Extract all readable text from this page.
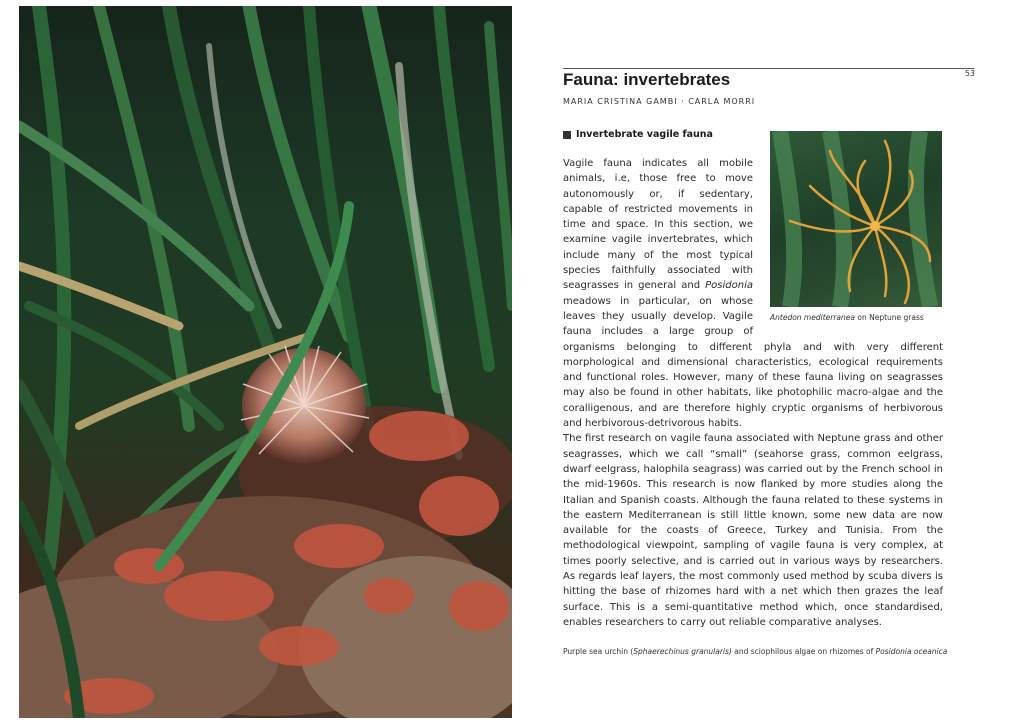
53
Fauna: invertebrates
MARIA CRISTINA GAMBI · CARLA MORRI
Invertebrate vagile fauna
Antedon mediterranea on Neptune grass

Vagile fauna indicates all mobile animals, i.e, those free to move autonomously or, if sedentary, capable of restricted movements in time and space. In this section, we examine vagile invertebrates, which include many of the most typical species faithfully associated with seagrasses in general and Posidonia meadows in particular, on whose leaves they usually develop. Vagile fauna includes a large group of organisms belonging to different phyla and with very different morphological and dimensional characteristics, ecological requirements and functional roles. However, many of these fauna living on seagrasses may also be found in other habitats, like photophilic macro-algae and the coralligenous, and are therefore highly cryptic organisms of herbivorous and herbivorous-detrivorous habits.

The first research on vagile fauna associated with Neptune grass and other seagrasses, which we call “small” (seahorse grass, common eelgrass, dwarf eelgrass, halophila seagrass) was carried out by the French school in the mid-1960s. This research is now flanked by more studies along the Italian and Spanish coasts. Although the fauna related to these systems in the eastern Mediterranean is still little known, some new data are now available for the coasts of Greece, Turkey and Tunisia. From the methodological viewpoint, sampling of vagile fauna is very complex, at times poorly selective, and is carried out in various ways by researchers. As regards leaf layers, the most commonly used method by scuba divers is hitting the base of rhizomes hard with a net which then grazes the leaf surface. This is a semi-quantitative method which, once standardised, enables researchers to carry out reliable comparative analyses.

Purple sea urchin (Sphaerechinus granularis) and sciophilous algae on rhizomes of Posidonia oceanica
